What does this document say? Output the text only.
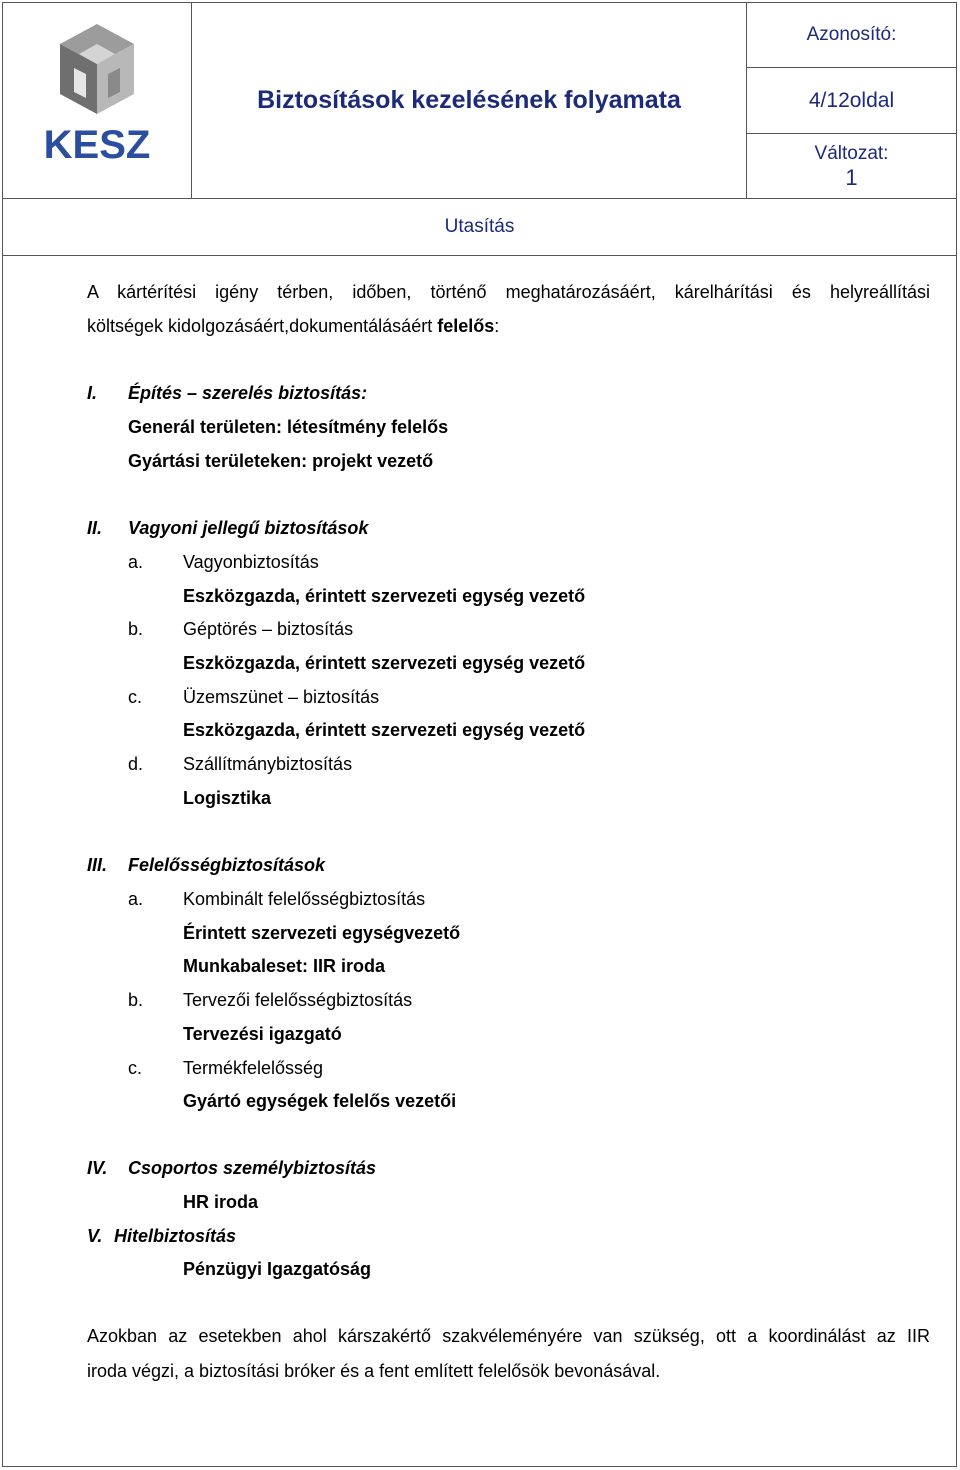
KESZ
	Biztosítások kezelésének folyamata	Azonosító:
4/12oldal

Változat:
1

Utasítás
A kártérítési igény térben, időben, történő meghatározásáért, kárelhárítási és helyreállítási
költségek kidolgozásáért,dokumentálásáért felelős:
I. Építés – szerelés biztosítás:
Generál területen: létesítmény felelős
Gyártási területeken: projekt vezető
II. Vagyoni jellegű biztosítások
a. Vagyonbiztosítás
Eszközgazda, érintett szervezeti egység vezető
b. Géptörés – biztosítás
Eszközgazda, érintett szervezeti egység vezető
c. Üzemszünet – biztosítás
Eszközgazda, érintett szervezeti egység vezető
d. Szállítmánybiztosítás
Logisztika
III. Felelősségbiztosítások
a. Kombinált felelősségbiztosítás
Érintett szervezeti egységvezető
Munkabaleset: IIR iroda
b. Tervezői felelősségbiztosítás
Tervezési igazgató
c. Termékfelelősség
Gyártó egységek felelős vezetői
IV. Csoportos személybiztosítás
HR iroda
V. Hitelbiztosítás
Pénzügyi Igazgatóság
Azokban az esetekben ahol kárszakértő szakvéleményére van szükség, ott a koordinálást az IIR
iroda végzi, a biztosítási bróker és a fent említett felelősök bevonásával.
